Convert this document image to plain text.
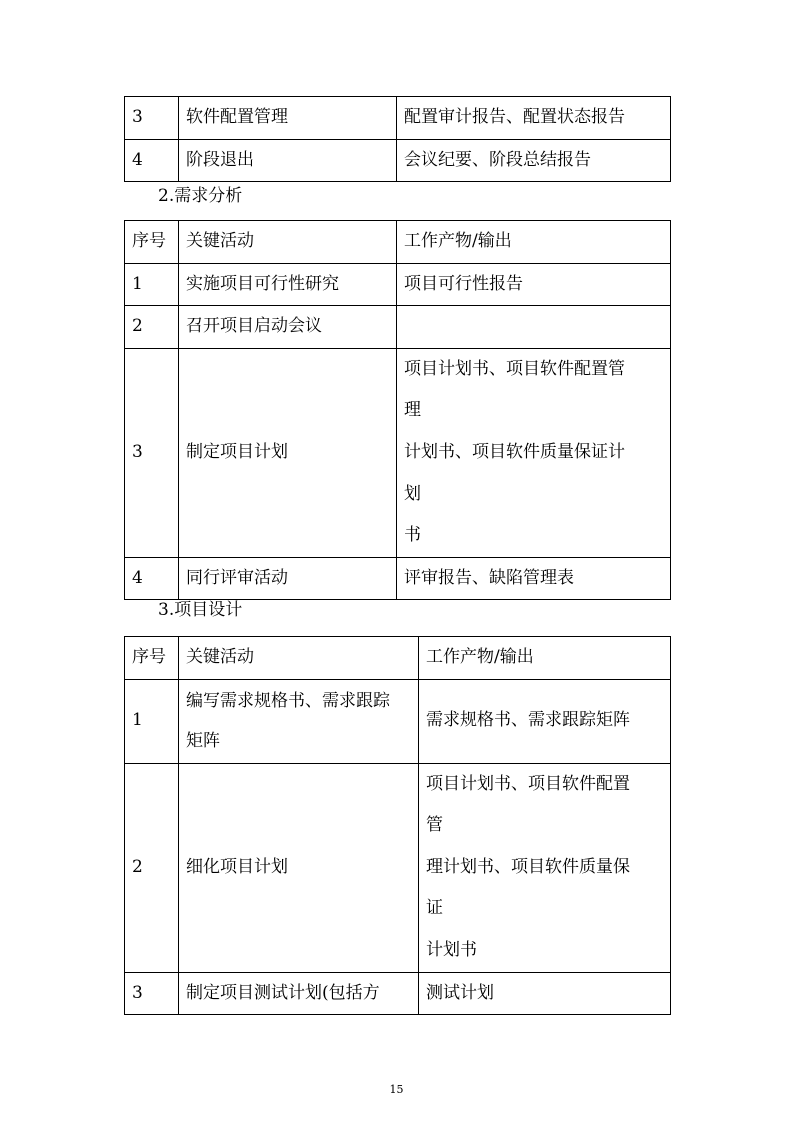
3	软件配置管理	配置审计报告、配置状态报告
4	阶段退出	会议纪要、阶段总结报告
2.需求分析
序号	关键活动	工作产物/输出
1	实施项目可行性研究	项目可行性报告
2	召开项目启动会议	
3	制定项目计划	项目计划书、项目软件配置管
理
计划书、项目软件质量保证计
划
书

4	同行评审活动	评审报告、缺陷管理表
3.项目设计
序号	关键活动	工作产物/输出
1	编写需求规格书、需求跟踪
矩阵	需求规格书、需求跟踪矩阵
2	细化项目计划	项目计划书、项目软件配置
管
理计划书、项目软件质量保
证
计划书

3	制定项目测试计划(包括方	测试计划
15
